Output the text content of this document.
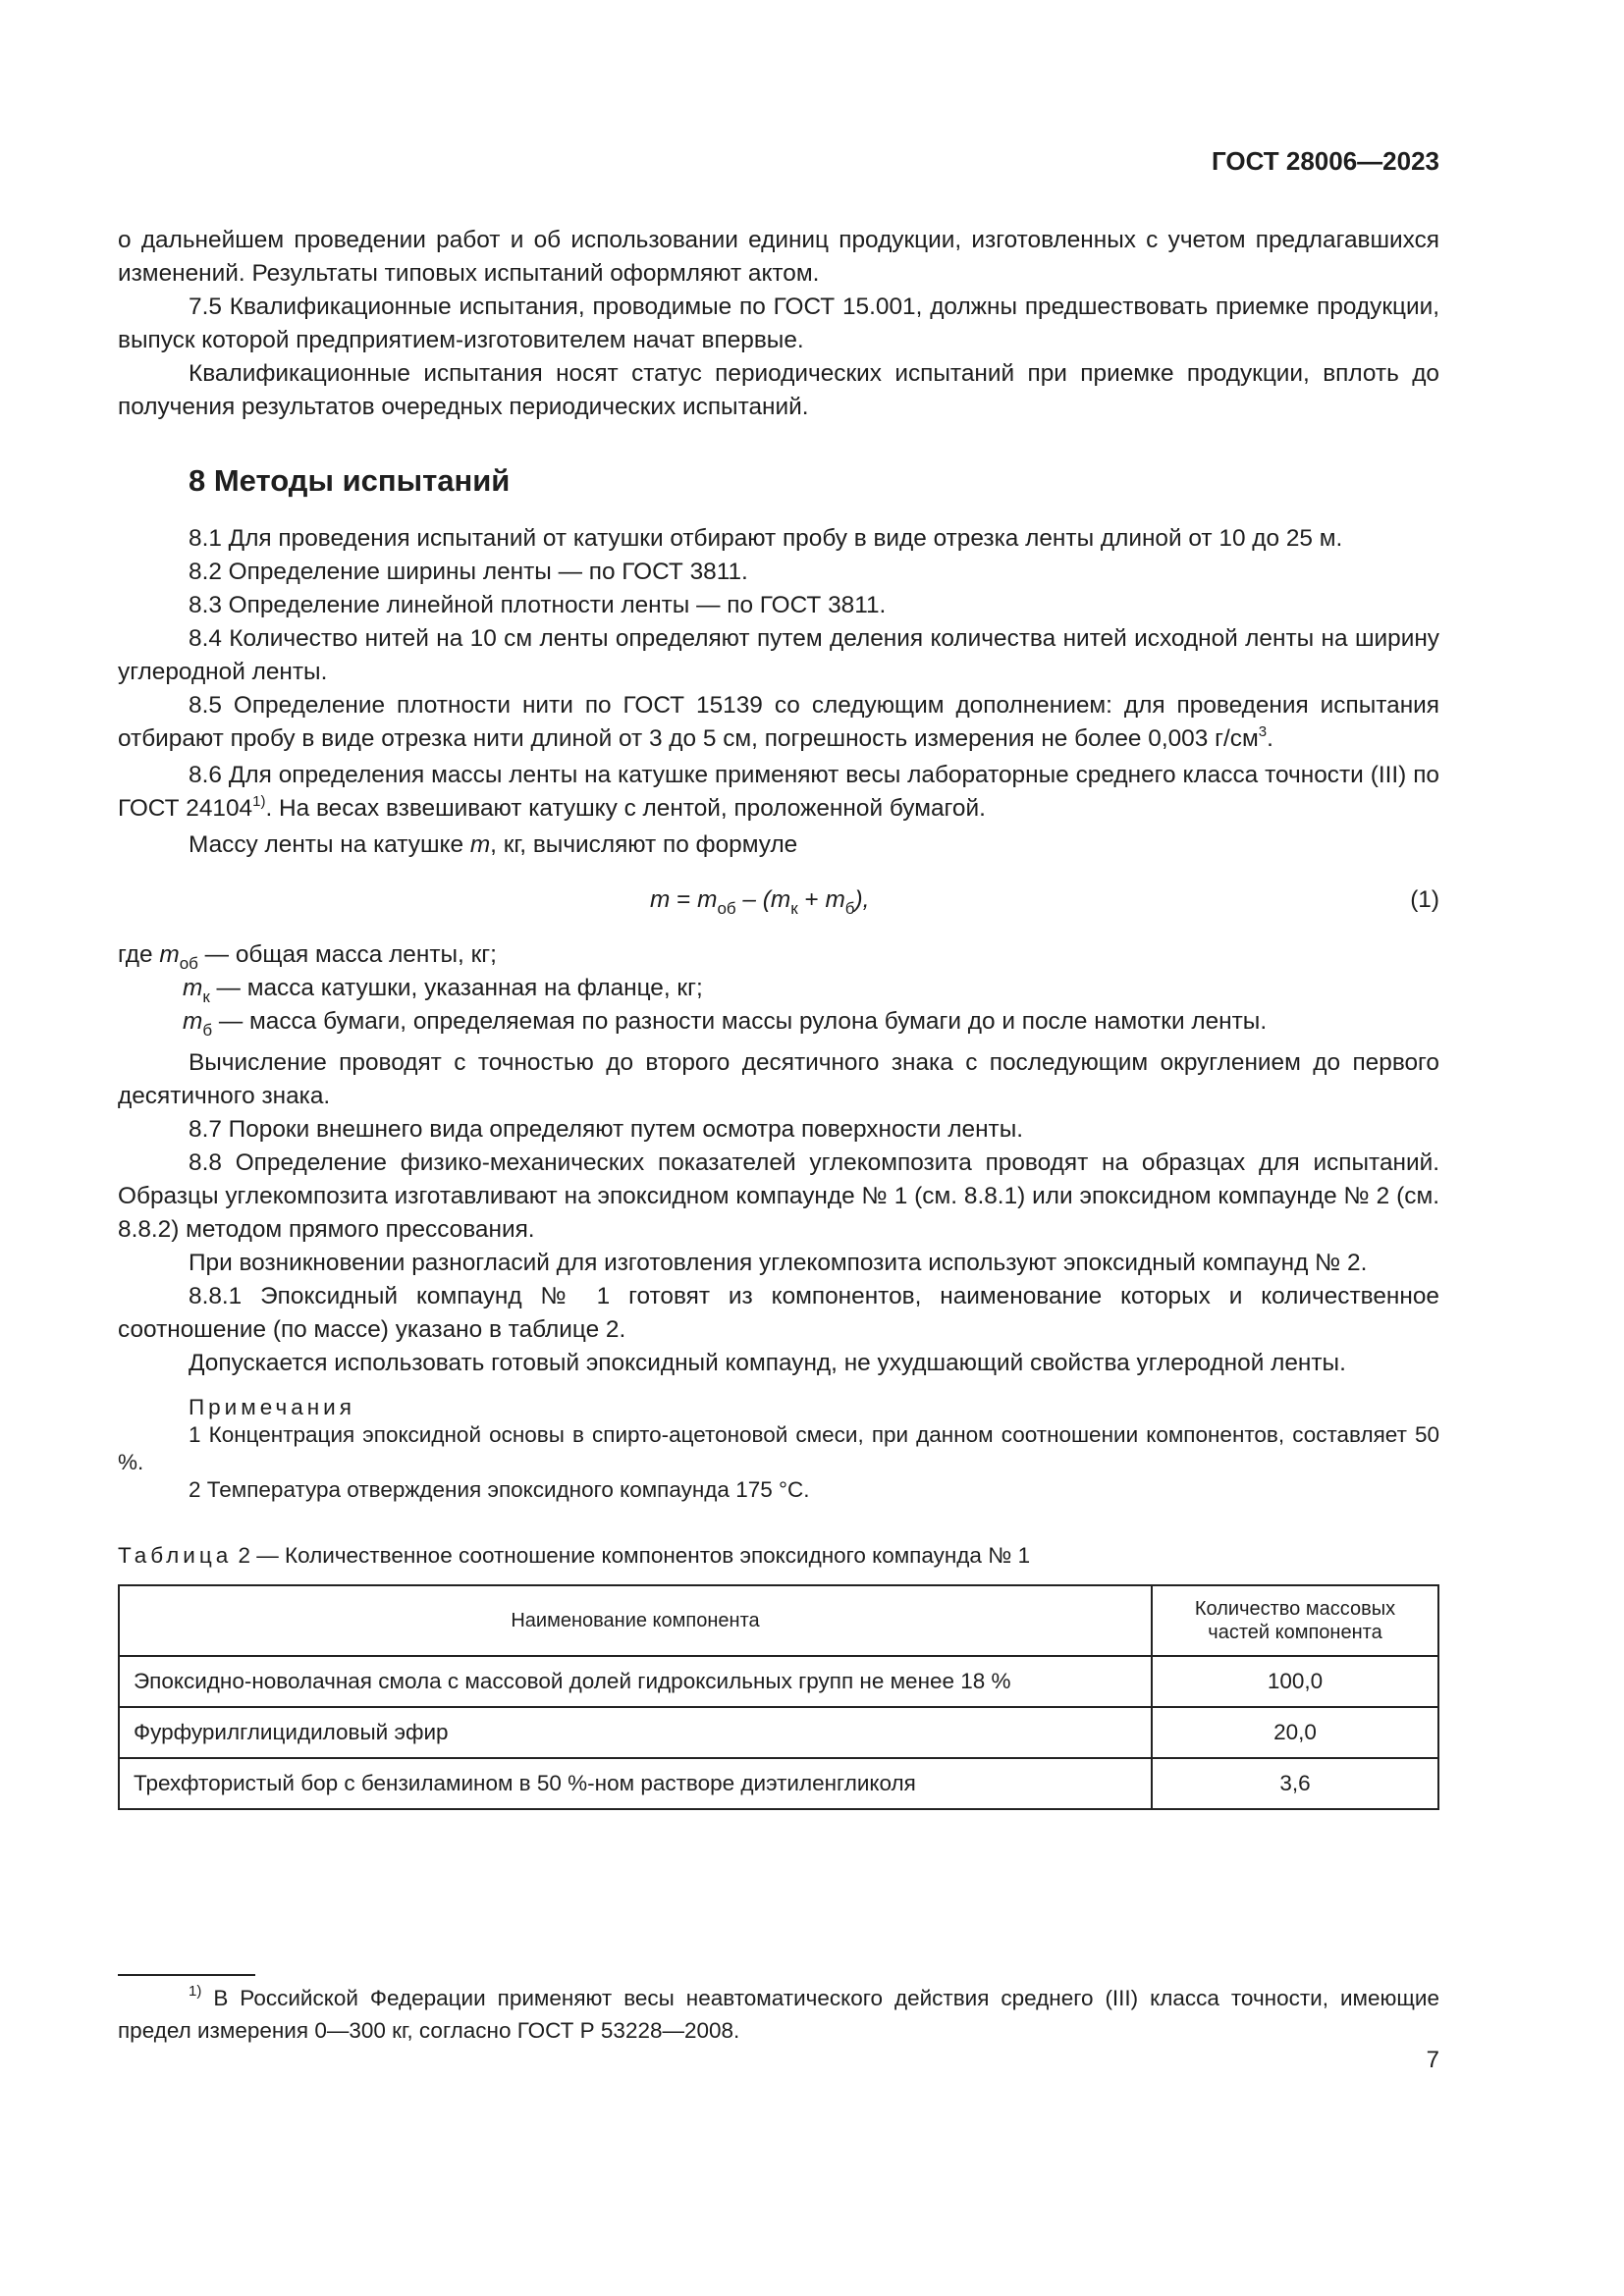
ГОСТ 28006—2023

о дальнейшем проведении работ и об использовании единиц продукции, изготовленных с учетом предлагавшихся изменений. Результаты типовых испытаний оформляют актом.

7.5 Квалификационные испытания, проводимые по ГОСТ 15.001, должны предшествовать приемке продукции, выпуск которой предприятием-изготовителем начат впервые.

Квалификационные испытания носят статус периодических испытаний при приемке продукции, вплоть до получения результатов очередных периодических испытаний.

8 Методы испытаний

8.1 Для проведения испытаний от катушки отбирают пробу в виде отрезка ленты длиной от 10 до 25 м.

8.2 Определение ширины ленты — по ГОСТ 3811.

8.3 Определение линейной плотности ленты — по ГОСТ 3811.

8.4 Количество нитей на 10 см ленты определяют путем деления количества нитей исходной ленты на ширину углеродной ленты.

8.5 Определение плотности нити по ГОСТ 15139 со следующим дополнением: для проведения испытания отбирают пробу в виде отрезка нити длиной от 3 до 5 см, погрешность измерения не более 0,003 $г/см^3$.

8.6 Для определения массы ленты на катушке применяют весы лабораторные среднего класса точности (III) по ГОСТ 24104$^{1)}$. На весах взвешивают катушку с лентой, проложенной бумагой.

Массу ленты на катушке m, кг, вычисляют по формуле

$m = m_{об} - (m_к + m_б)$,	(1)
где $m_{об}$ — общая масса ленты, кг;
$m_к$ — масса катушки, указанная на фланце, кг;
$m_б$ — масса бумаги, определяемая по разности массы рулона бумаги до и после намотки ленты.

Вычисление проводят с точностью до второго десятичного знака с последующим округлением до первого десятичного знака.

8.7 Пороки внешнего вида определяют путем осмотра поверхности ленты.

8.8 Определение физико-механических показателей углекомпозита проводят на образцах для испытаний. Образцы углекомпозита изготавливают на эпоксидном компаунде № 1 (см. 8.8.1) или эпоксидном компаунде № 2 (см. 8.8.2) методом прямого прессования.

При возникновении разногласий для изготовления углекомпозита используют эпоксидный компаунд № 2.

8.8.1 Эпоксидный компаунд № 1 готовят из компонентов, наименование которых и количественное соотношение (по массе) указано в таблице 2.

Допускается использовать готовый эпоксидный компаунд, не ухудшающий свойства углеродной ленты.

Примечания

1 Концентрация эпоксидной основы в спирто-ацетоновой смеси, при данном соотношении компонентов, составляет 50 %.

2 Температура отверждения эпоксидного компаунда 175 °С.

Таблица 2 — Количественное соотношение компонентов эпоксидного компаунда № 1
Наименование компонента	Количество массовых частей компонента
Эпоксидно-новолачная смола с массовой долей гидроксильных групп не менее 18 %	100,0
Фурфурилглицидиловый эфир	20,0
Трехфтористый бор с бензиламином в 50 %-ном растворе диэтиленгликоля	3,6
$^{1)}$ В Российской Федерации применяют весы неавтоматического действия среднего (III) класса точности, имеющие предел измерения 0—300 кг, согласно ГОСТ Р 53228—2008.
7
